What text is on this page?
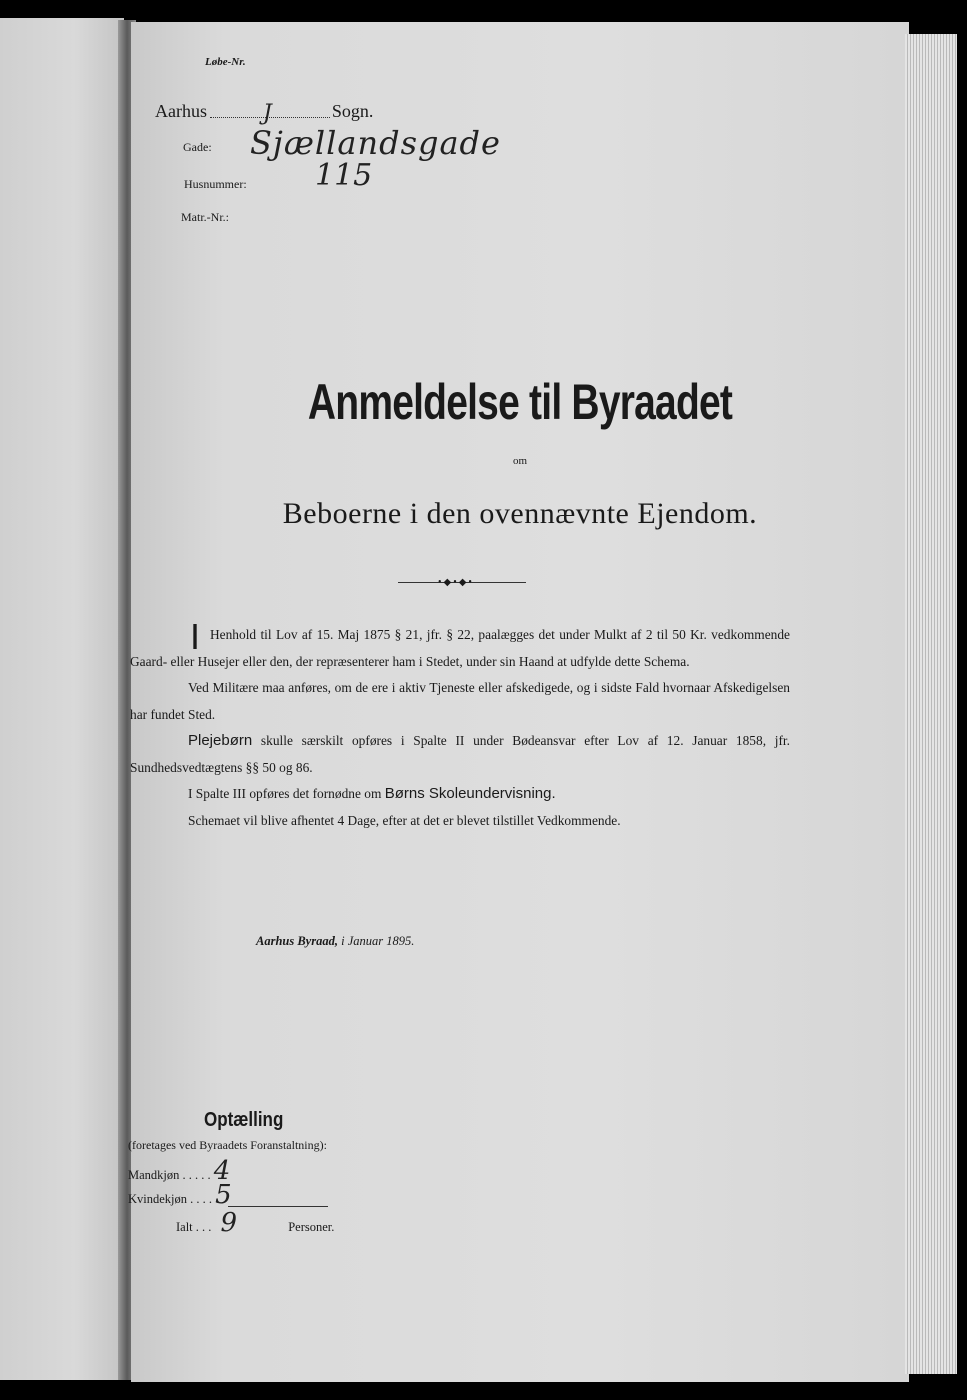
Løbe-Nr.
Aarhus	J	Sogn.
Gade: Sjællandsgade
Husnummer: 115
Matr.-Nr.:
Anmeldelse til Byraadet
om
Beboerne i den ovennævnte Ejendom.
•◆•◆•
I Henhold til Lov af 15. Maj 1875 § 21, jfr. § 22, paalægges det under Mulkt af 2 til 50 Kr. vedkommende Gaard- eller Husejer eller den, der repræsenterer ham i Stedet, under sin Haand at udfylde dette Schema.

Ved Militære maa anføres, om de ere i aktiv Tjeneste eller afskedigede, og i sidste Fald hvornaar Afskedigelsen har fundet Sted.

Plejebørn skulle særskilt opføres i Spalte II under Bødeansvar efter Lov af 12. Januar 1858, jfr. Sundhedsvedtægtens §§ 50 og 86.

I Spalte III opføres det fornødne om Børns Skoleundervisning.

Schemaet vil blive afhentet 4 Dage, efter at det er blevet tilstillet Vedkommende.

Aarhus Byraad, i Januar 1895.
Optælling
(foretages ved Byraadets Foranstaltning):
Mandkjøn . . . . . 4
Kvindekjøn . . . . 5
Ialt . . . 9	Personer.
